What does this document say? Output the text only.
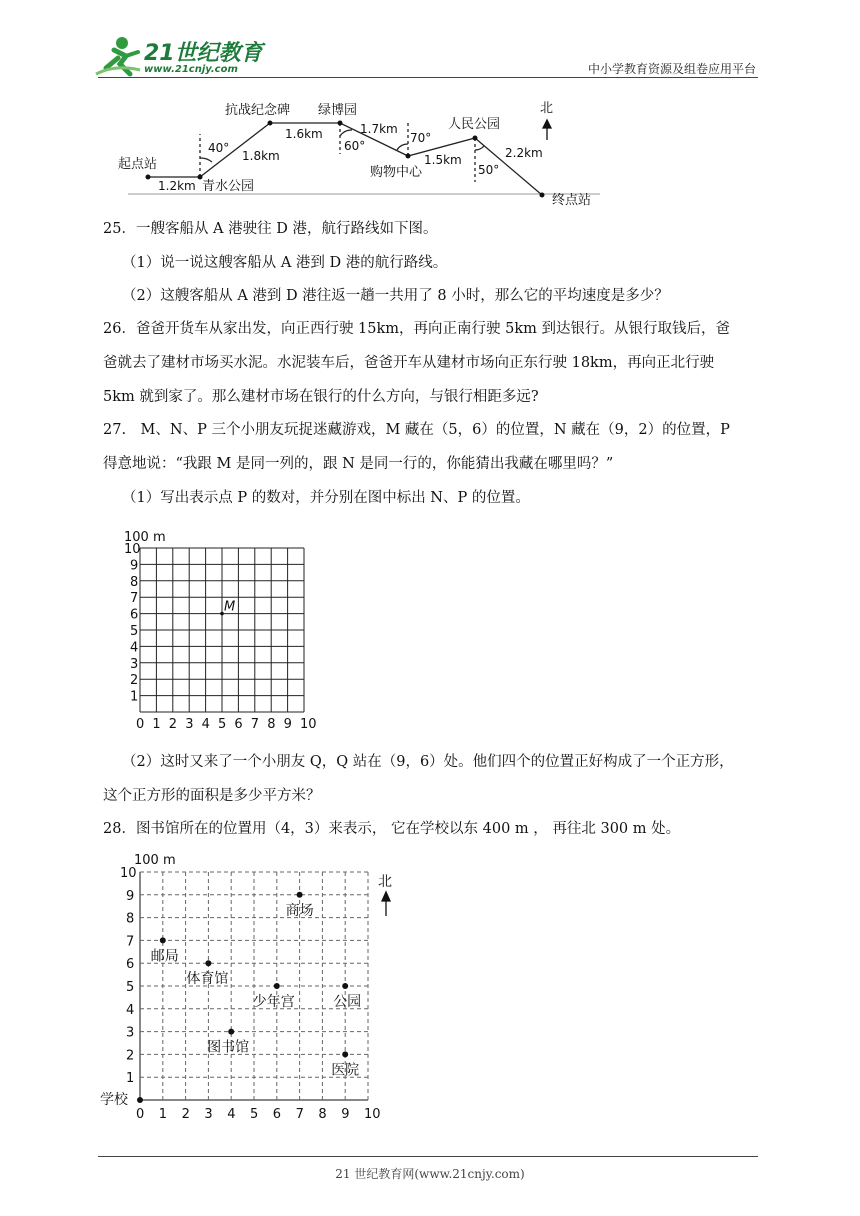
21世纪教育
www.21cnjy.com	中小学教育资源及组卷应用平台
起点站
青水公园
抗战纪念碑 绿博园
购物中心
人民公园
终点站
北
1.2km
1.8km
1.6km	1.7km
1.5km	2.2km
40°	60°
70°
50°
25．一艘客船从 A 港驶往 D 港，航行路线如下图。
（1）说一说这艘客船从 A 港到 D 港的航行路线。
（2）这艘客船从 A 港到 D 港往返一趟一共用了 8 小时，那么它的平均速度是多少？
26．爸爸开货车从家出发，向正西行驶 15km，再向正南行驶 5km 到达银行。从银行取钱后，爸
爸就去了建材市场买水泥。水泥装车后，爸爸开车从建材市场向正东行驶 18km，再向正北行驶
5km 就到家了。那么建材市场在银行的什么方向，与银行相距多远?
27.　M、N、P 三个小朋友玩捉迷藏游戏，M 藏在（5，6）的位置，N 藏在（9，2）的位置，P
得意地说：“我跟 M 是同一列的，跟 N 是同一行的，你能猜出我藏在哪里吗？”
（1）写出表示点 P 的数对，并分别在图中标出 N、P 的位置。
100 m
0 1 2 3 4 5 6 7 8 9 10
1
2
3
4
5
6
7
8
9
10
M
（2）这时又来了一个小朋友 Q，Q 站在（9，6）处。他们四个的位置正好构成了一个正方形，
这个正方形的面积是多少平方米？
28．图书馆所在的位置用（4，3）来表示， 它在学校以东 400 m ， 再往北 300 m 处。
100 m
北
0 1 2 3 4 5 6 7 8 9 10
1
2
3
4
5
6
7
8
9
10
学校
邮局
体育馆
商场
少年宫	公园
图书馆
医院
21 世纪教育网(www.21cnjy.com)
